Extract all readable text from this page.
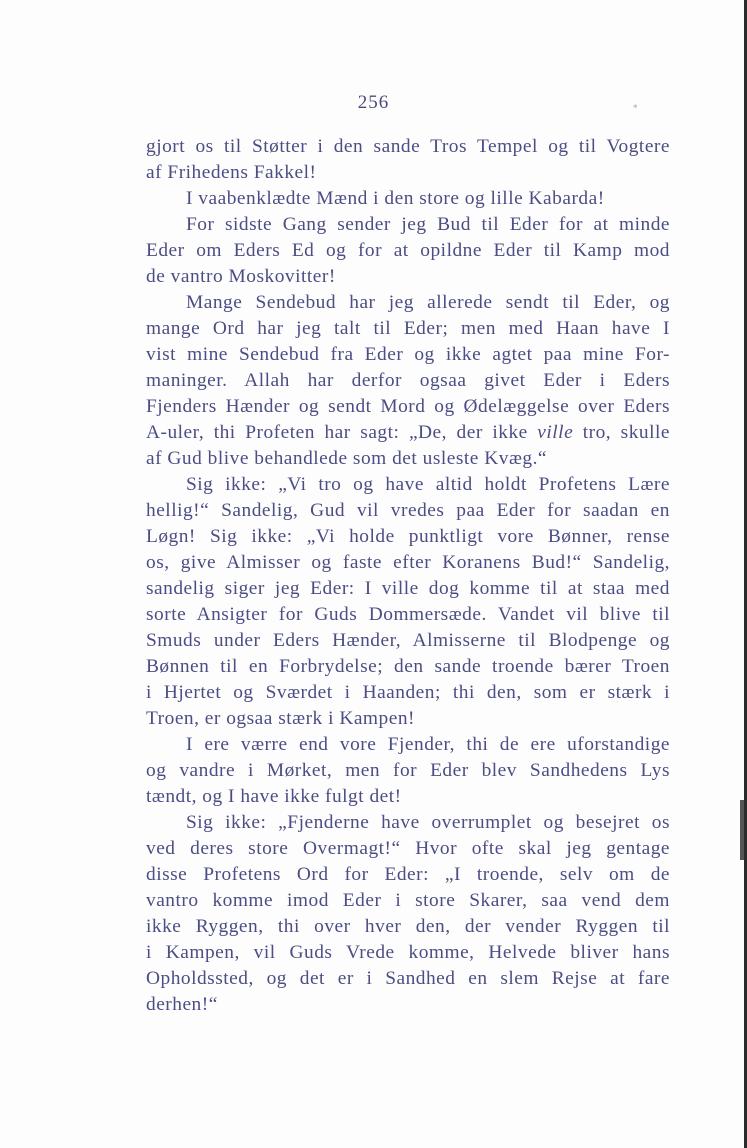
256	*
gjort os til Støtter i den sande Tros Tempel og til Vogtere
af Frihedens Fakkel!
I vaabenklædte Mænd i den store og lille Kabarda!
For sidste Gang sender jeg Bud til Eder for at minde
Eder om Eders Ed og for at opildne Eder til Kamp mod
de vantro Moskovitter!
Mange Sendebud har jeg allerede sendt til Eder, og
mange Ord har jeg talt til Eder; men med Haan have I
vist mine Sendebud fra Eder og ikke agtet paa mine For-
maninger. Allah har derfor ogsaa givet Eder i Eders
Fjenders Hænder og sendt Mord og Ødelæggelse over Eders
A-uler, thi Profeten har sagt: „De, der ikke ville tro, skulle
af Gud blive behandlede som det usleste Kvæg.“
Sig ikke: „Vi tro og have altid holdt Profetens Lære
hellig!“ Sandelig, Gud vil vredes paa Eder for saadan en
Løgn! Sig ikke: „Vi holde punktligt vore Bønner, rense
os, give Almisser og faste efter Koranens Bud!“ Sandelig,
sandelig siger jeg Eder: I ville dog komme til at staa med
sorte Ansigter for Guds Dommersæde. Vandet vil blive til
Smuds under Eders Hænder, Almisserne til Blodpenge og
Bønnen til en Forbrydelse; den sande troende bærer Troen
i Hjertet og Sværdet i Haanden; thi den, som er stærk i
Troen, er ogsaa stærk i Kampen!
I ere værre end vore Fjender, thi de ere uforstandige
og vandre i Mørket, men for Eder blev Sandhedens Lys
tændt, og I have ikke fulgt det!
Sig ikke: „Fjenderne have overrumplet og besejret os
ved deres store Overmagt!“ Hvor ofte skal jeg gentage
disse Profetens Ord for Eder: „I troende, selv om de
vantro komme imod Eder i store Skarer, saa vend dem
ikke Ryggen, thi over hver den, der vender Ryggen til
i Kampen, vil Guds Vrede komme, Helvede bliver hans
Opholdssted, og det er i Sandhed en slem Rejse at fare
derhen!“
